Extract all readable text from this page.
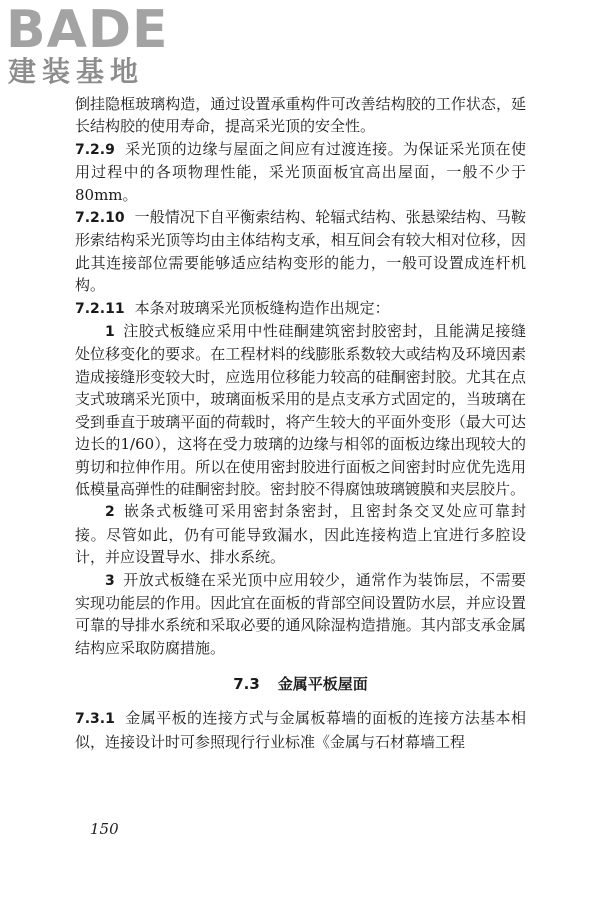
BADE
建装基地

倒挂隐框玻璃构造，通过设置承重构件可改善结构胶的工作状态，延长结构胶的使用寿命，提高采光顶的安全性。

7.2.9 采光顶的边缘与屋面之间应有过渡连接。为保证采光顶在使用过程中的各项物理性能，采光顶面板宜高出屋面，一般不少于80mm。

7.2.10 一般情况下自平衡索结构、轮辐式结构、张悬梁结构、马鞍形索结构采光顶等均由主体结构支承，相互间会有较大相对位移，因此其连接部位需要能够适应结构变形的能力，一般可设置成连杆机构。

7.2.11 本条对玻璃采光顶板缝构造作出规定：

1 注胶式板缝应采用中性硅酮建筑密封胶密封，且能满足接缝处位移变化的要求。在工程材料的线膨胀系数较大或结构及环境因素造成接缝形变较大时，应选用位移能力较高的硅酮密封胶。尤其在点支式玻璃采光顶中，玻璃面板采用的是点支承方式固定的，当玻璃在受到垂直于玻璃平面的荷载时，将产生较大的平面外变形（最大可达边长的1/60），这将在受力玻璃的边缘与相邻的面板边缘出现较大的剪切和拉伸作用。所以在使用密封胶进行面板之间密封时应优先选用低模量高弹性的硅酮密封胶。密封胶不得腐蚀玻璃镀膜和夹层胶片。

2 嵌条式板缝可采用密封条密封，且密封条交叉处应可靠封接。尽管如此，仍有可能导致漏水，因此连接构造上宜进行多腔设计，并应设置导水、排水系统。

3 开放式板缝在采光顶中应用较少，通常作为装饰层，不需要实现功能层的作用。因此宜在面板的背部空间设置防水层，并应设置可靠的导排水系统和采取必要的通风除湿构造措施。其内部支承金属结构应采取防腐措施。

7.3 金属平板屋面

7.3.1 金属平板的连接方式与金属板幕墙的面板的连接方法基本相似，连接设计时可参照现行行业标准《金属与石材幕墙工程

150
